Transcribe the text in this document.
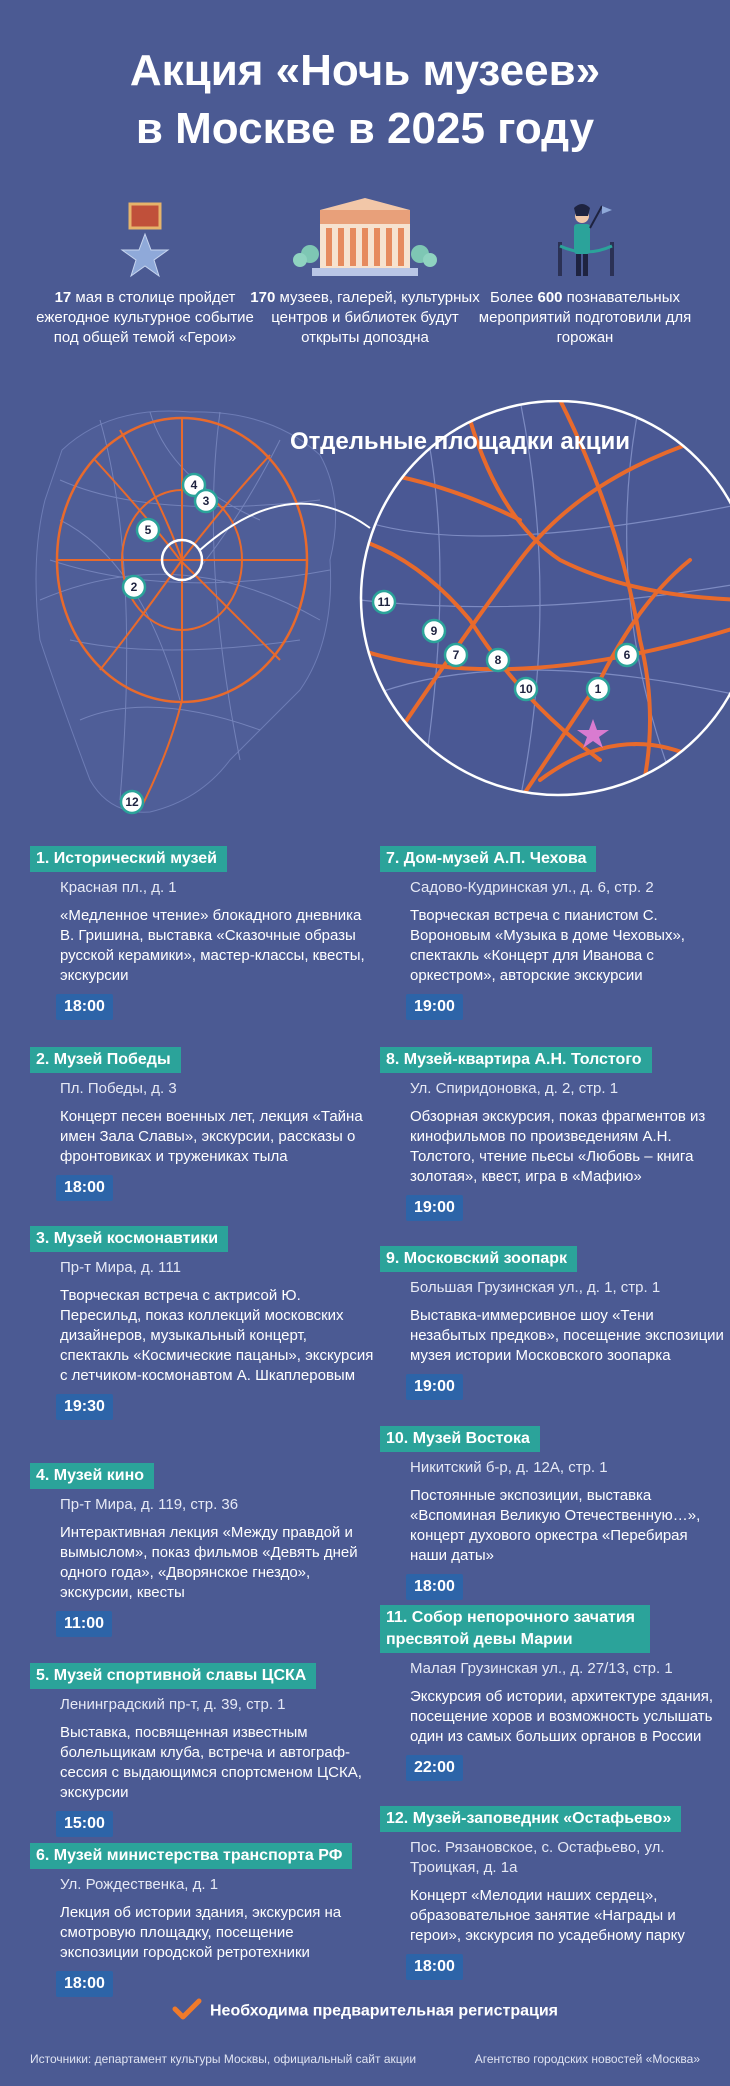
Акция «Ночь музеев»
в Москве в 2025 году

17 мая в столице пройдет ежегодное культурное событие под общей темой «Герои»

170 музеев, галерей, культурных центров и библиотек будут открыты допоздна

Более 600 познавательных мероприятий подготовили для горожан

4
3
5
2
12
11
9
7	8
10	1
6
Отдельные площадки акции
1. Исторический музей
Красная пл., д. 1
«Медленное чтение» блокадного дневника В. Гришина, выставка «Сказочные образы русской керамики», мастер-классы, квесты, экскурсии
18:00
2. Музей Победы
Пл. Победы, д. 3
Концерт песен военных лет, лекция «Тайна имен Зала Славы», экскурсии, рассказы о фронтовиках и тружениках тыла
18:00
3. Музей космонавтики
Пр-т Мира, д. 111
Творческая встреча с актрисой Ю. Пересильд, показ коллекций московских дизайнеров, музыкальный концерт, спектакль «Космические пацаны», экскурсия с летчиком-космонавтом А. Шкаплеровым
19:30
4. Музей кино
Пр-т Мира, д. 119, стр. 36
Интерактивная лекция «Между правдой и вымыслом», показ фильмов «Девять дней одного года», «Дворянское гнездо», экскурсии, квесты
11:00
5. Музей спортивной славы ЦСКА
Ленинградский пр-т, д. 39, стр. 1
Выставка, посвященная известным болельщикам клуба, встреча и автограф-сессия с выдающимся спортсменом ЦСКА, экскурсии
15:00
6. Музей министерства транспорта РФ
Ул. Рождественка, д. 1
Лекция об истории здания, экскурсия на смотровую площадку, посещение экспозиции городской ретротехники
18:00
7. Дом-музей А.П. Чехова
Садово-Кудринская ул., д. 6, стр. 2
Творческая встреча с пианистом С. Вороновым «Музыка в доме Чеховых», спектакль «Концерт для Иванова с оркестром», авторские экскурсии
19:00
8. Музей-квартира А.Н. Толстого
Ул. Спиридоновка, д. 2, стр. 1
Обзорная экскурсия, показ фрагментов из кинофильмов по произведениям А.Н. Толстого, чтение пьесы «Любовь – книга золотая», квест, игра в «Мафию»
19:00
9. Московский зоопарк
Большая Грузинская ул., д. 1, стр. 1
Выставка-иммерсивное шоу «Тени незабытых предков», посещение экспозиции музея истории Московского зоопарка
19:00
10. Музей Востока
Никитский б-р, д. 12А, стр. 1
Постоянные экспозиции, выставка «Вспоминая Великую Отечественную…», концерт духового оркестра «Перебирая наши даты»
18:00
11. Собор непорочного зачатия пресвятой девы Марии
Малая Грузинская ул., д. 27/13, стр. 1
Экскурсия об истории, архитектуре здания, посещение хоров и возможность услышать один из самых больших органов в России
22:00
12. Музей-заповедник «Остафьево»
Пос. Рязановское, с. Остафьево, ул. Троицкая, д. 1а
Концерт «Мелодии наших сердец», образовательное занятие «Награды и герои», экскурсия по усадебному парку
18:00
Необходима предварительная регистрация
Источники: департамент культуры Москвы, официальный сайт акции	Агентство городских новостей «Москва»
